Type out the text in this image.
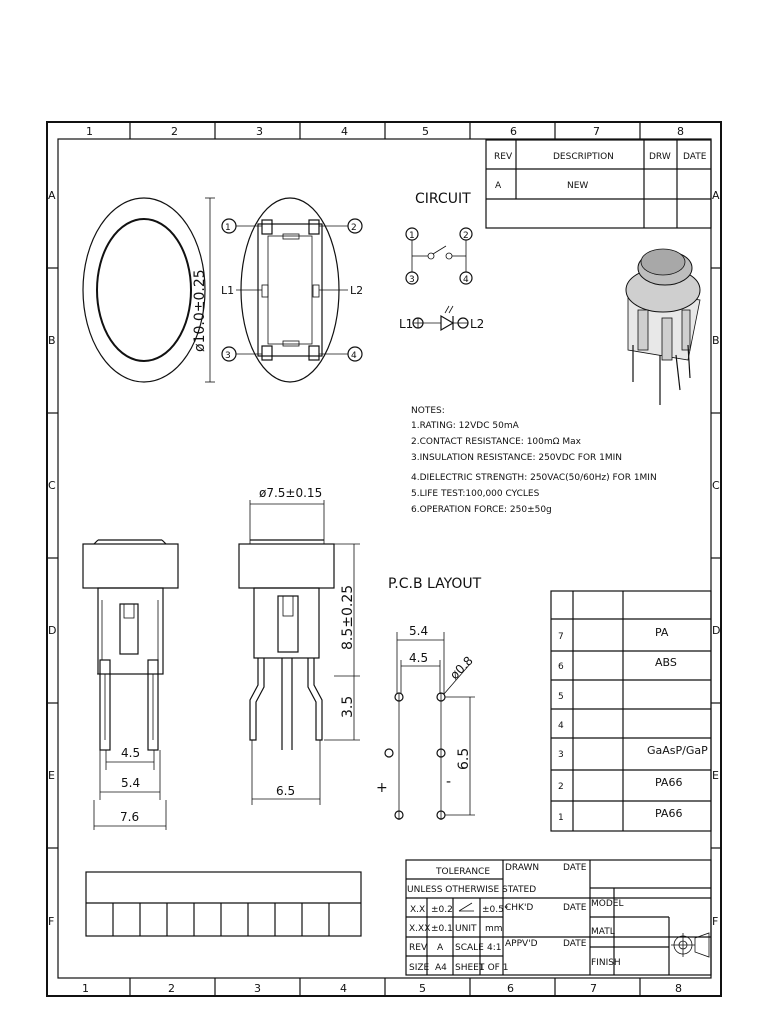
1	2	3	4	5	6	7	8
1	2	3	4	5	6	7	8
A
B
C
D
E
F
A
B
C
D
E
F
REV	DESCRIPTION	DRW DATE
A	NEW
ø10.0±0.25
1	2
3	4
L1	L2
CIRCUIT
1	2
3	4
L1	L2
NOTES:
1.RATING: 12VDC 50mA
2.CONTACT RESISTANCE: 100mΩ Max
3.INSULATION RESISTANCE: 250VDC FOR 1MIN
4.DIELECTRIC STRENGTH: 250VAC(50/60Hz) FOR 1MIN
5.LIFE TEST:100,000 CYCLES
6.OPERATION FORCE: 250±50g
4.5
5.4
7.6
ø7.5±0.15
6.5
8.5±0.25
3.5
P.C.B LAYOUT
5.4
4.5 ø0.8
6.5
+	-
7	PA
6	ABS
5
4
3	GaAsP/GaP
2	PA66
1	PA66
TOLERANCE
UNLESS OTHERWISE STATED
X.X ±0.2	±0.5°
X.XX ±0.1 UNIT mm
REV A SCALE 4:1
SIZE A4 SHEET
1 OF 1
DRAWN	DATE
CHK'D	DATE
APPV'D	DATE
MODEL
MATL
FINISH
